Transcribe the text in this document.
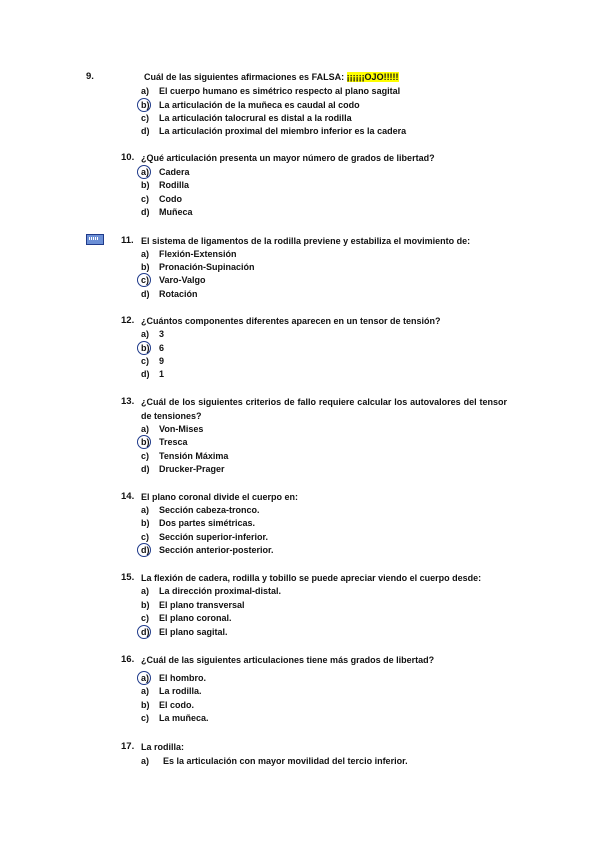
9.	Cuál de las siguientes afirmaciones es FALSA: ¡¡¡¡¡¡OJO!!!!!
a) El cuerpo humano es simétrico respecto al plano sagital
b) La articulación de la muñeca es caudal al codo
c) La articulación talocrural es distal a la rodilla
d) La articulación proximal del miembro inferior es la cadera
10. ¿Qué articulación presenta un mayor número de grados de libertad?
a) Cadera
b) Rodilla
c) Codo
d) Muñeca
11. El sistema de ligamentos de la rodilla previene y estabiliza el movimiento de:
a) Flexión-Extensión
b) Pronación-Supinación
c) Varo-Valgo
d) Rotación
12. ¿Cuántos componentes diferentes aparecen en un tensor de tensión?
a) 3
b) 6
c) 9
d) 1
13. ¿Cuál de los siguientes criterios de fallo requiere calcular los autovalores del tensor de tensiones?
a) Von-Mises
b) Tresca
c) Tensión Máxima
d) Drucker-Prager
14. El plano coronal divide el cuerpo en:
a) Sección cabeza-tronco.
b) Dos partes simétricas.
c) Sección superior-inferior.
d) Sección anterior-posterior.
15. La flexión de cadera, rodilla y tobillo se puede apreciar viendo el cuerpo desde:
a) La dirección proximal-distal.
b) El plano transversal
c) El plano coronal.
d) El plano sagital.
16. ¿Cuál de las siguientes articulaciones tiene más grados de libertad?
a) El hombro.
a) La rodilla.
b) El codo.
c) La muñeca.
17. La rodilla:
a) Es la articulación con mayor movilidad del tercio inferior.
